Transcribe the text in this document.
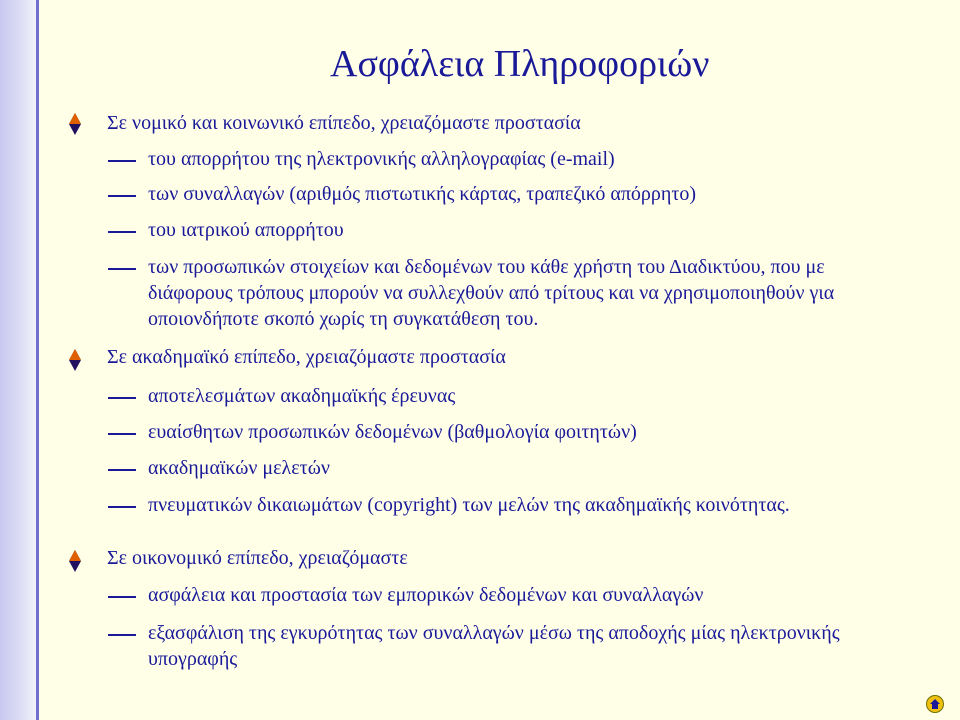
Ασφάλεια Πληροφοριών
Σε νομικό και κοινωνικό επίπεδο, χρειαζόμαστε προστασία
του απορρήτου της ηλεκτρονικής αλληλογραφίας (e-mail)
των συναλλαγών (αριθμός πιστωτικής κάρτας, τραπεζικό απόρρητο)
του ιατρικού απορρήτου
των προσωπικών στοιχείων και δεδομένων του κάθε χρήστη του Διαδικτύου, που με διάφορους τρόπους μπορούν να συλλεχθούν από τρίτους και να χρησιμοποιηθούν για οποιονδήποτε σκοπό χωρίς τη συγκατάθεση του.
Σε ακαδημαϊκό επίπεδο, χρειαζόμαστε προστασία
αποτελεσμάτων ακαδημαϊκής έρευνας
ευαίσθητων προσωπικών δεδομένων (βαθμολογία φοιτητών)
ακαδημαϊκών μελετών
πνευματικών δικαιωμάτων (copyright) των μελών της ακαδημαϊκής κοινότητας.
Σε οικονομικό επίπεδο, χρειαζόμαστε
ασφάλεια και προστασία των εμπορικών δεδομένων και συναλλαγών
εξασφάλιση της εγκυρότητας των συναλλαγών μέσω της αποδοχής μίας ηλεκτρονικής υπογραφής
